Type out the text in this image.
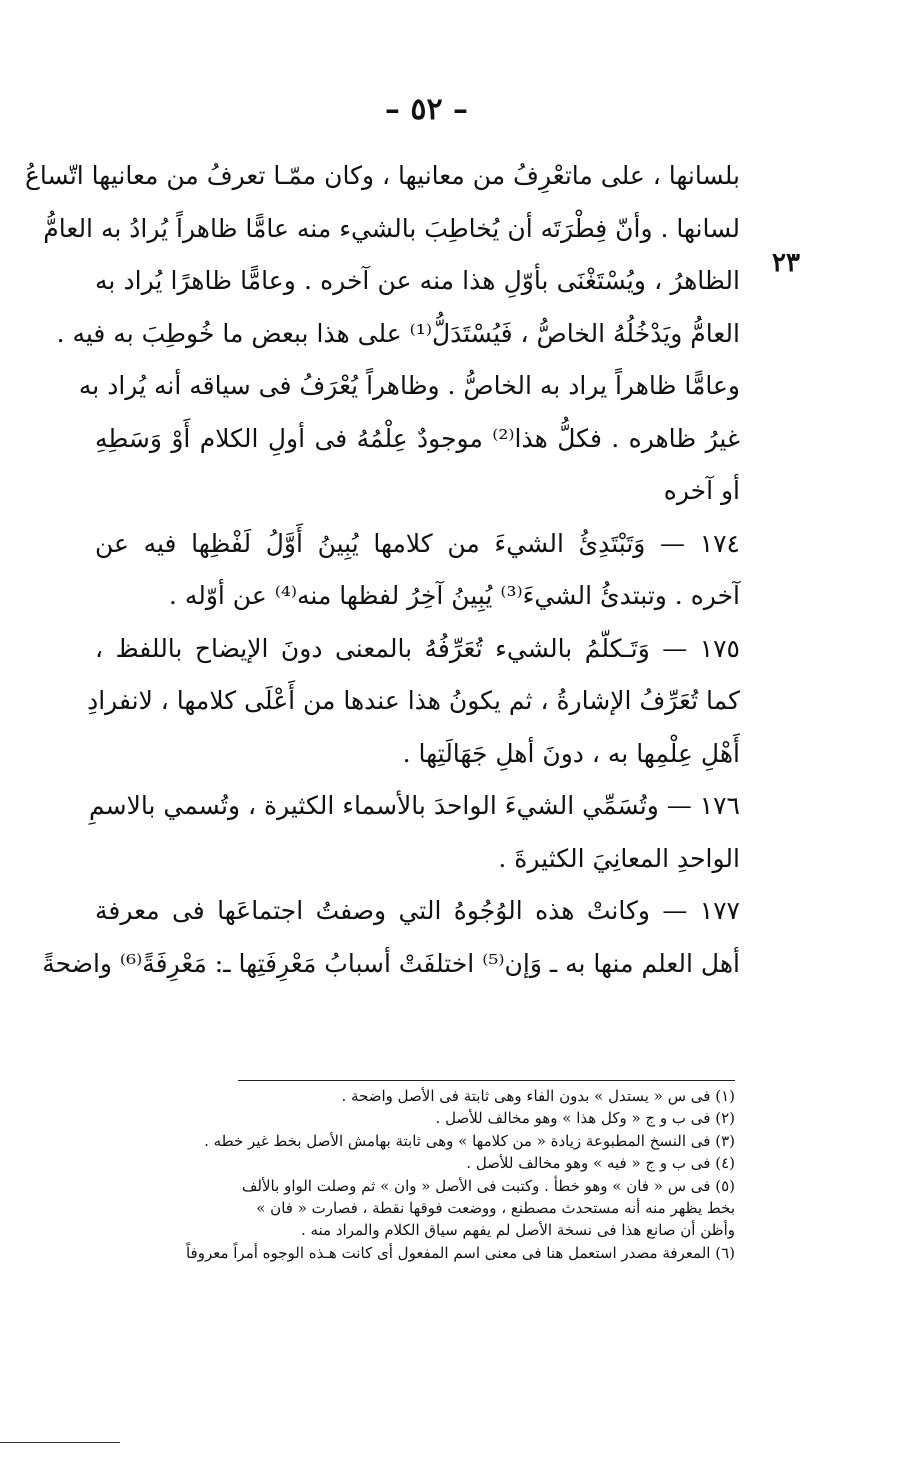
– ٥٢ –
٢٣
بلسانها ، على ماتعْرِفُ من معانيها ، وكان ممّـا تعرفُ من معانيها اتّساعُ
لسانها . وأنّ فِطْرَتَه أن يُخاطِبَ بالشيء منه عامًّا ظاهراً يُرادُ به العامُّ
الظاهرُ ، ويُسْتَغْنَى بأوّلِ هذا منه عن آخره . وعامًّا ظاهرًا يُراد به
العامُّ ويَدْخُلُهُ الخاصُّ ، فَيُسْتَدَلُّ⁽¹⁾ على هذا ببعض ما خُوطِبَ به فيه .
وعامًّا ظاهراً يراد به الخاصُّ . وظاهراً يُعْرَفُ فى سياقه أنه يُراد به
غيرُ ظاهره . فكلُّ هذا⁽²⁾ موجودٌ عِلْمُهُ فى أولِ الكلام أَوْ وَسَطِهِ
أو آخره
١٧٤ — وَتَبْتَدِئُ الشيءَ من كلامها يُبِينُ أَوَّلُ لَفْظِها فيه عن
آخره . وتبتدئُ الشيءَ⁽³⁾ يُبِينُ آخِرُ لفظها منه⁽⁴⁾ عن أوّله .
١٧٥ — وَتَـكلّمُ بالشيء تُعَرِّفُهُ بالمعنى دونَ الإيضاح باللفظ ،
كما تُعَرِّفُ الإشارةُ ، ثم يكونُ هذا عندها من أَعْلَى كلامها ، لانفرادِ
أَهْلِ عِلْمِها به ، دونَ أهلِ جَهَالَتِها .
١٧٦ — وتُسَمِّي الشيءَ الواحدَ بالأسماء الكثيرة ، وتُسمي بالاسمِ
الواحدِ المعانِيَ الكثيرةَ .
١٧٧ — وكانتْ هذه الوُجُوهُ التي وصفتُ اجتماعَها فى معرفة
أهل العلم منها به ـ وَإن⁽⁵⁾ اختلفَتْ أسبابُ مَعْرِفَتِها ـ: مَعْرِفَةً⁽⁶⁾ واضحةً
(١) فى س « يستدل » بدون الفاء وهى ثابتة فى الأصل واضحة .
(٢) فى ب و ج « وكل هذا » وهو مخالف للأصل .
(٣) فى النسخ المطبوعة زيادة « من كلامها » وهى ثابتة بهامش الأصل بخط غير خطه .
(٤) فى ب و ج « فيه » وهو مخالف للأصل .
(٥) فى س « فان » وهو خطأ . وكتبت فى الأصل « وان » ثم وصلت الواو بالألف
بخط يظهر منه أنه مستحدث مصطنع ، ووضعت فوقها نقطة ، فصارت « فان »
وأظن أن صانع هذا فى نسخة الأصل لم يفهم سياق الكلام والمراد منه .
(٦) المعرفة مصدر استعمل هنا فى معنى اسم المفعول أى كانت هـذه الوجوه أمراً معروفاً
